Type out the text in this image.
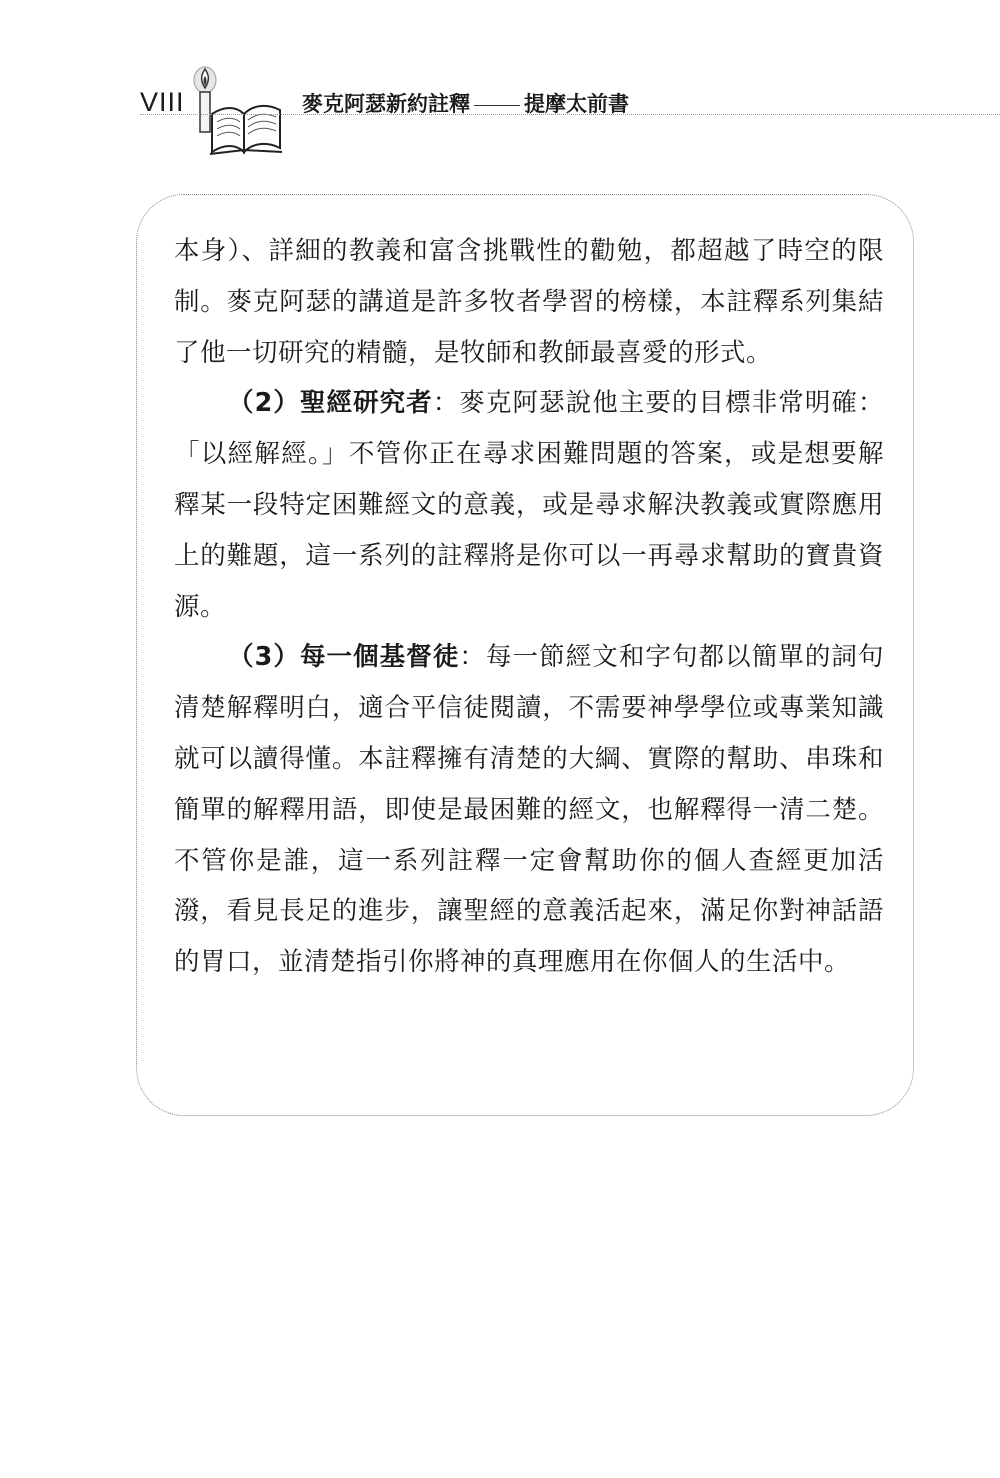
VIII	麥克阿瑟新約註釋	提摩太前書

本身）、詳細的教義和富含挑戰性的勸勉，都超越了時空的限制。麥克阿瑟的講道是許多牧者學習的榜樣，本註釋系列集結了他一切研究的精髓，是牧師和教師最喜愛的形式。

（2）聖經研究者：麥克阿瑟說他主要的目標非常明確：「以經解經。」不管你正在尋求困難問題的答案，或是想要解釋某一段特定困難經文的意義，或是尋求解決教義或實際應用上的難題，這一系列的註釋將是你可以一再尋求幫助的寶貴資源。

（3）每一個基督徒：每一節經文和字句都以簡單的詞句清楚解釋明白，適合平信徒閱讀，不需要神學學位或專業知識就可以讀得懂。本註釋擁有清楚的大綱、實際的幫助、串珠和簡單的解釋用語，即使是最困難的經文，也解釋得一清二楚。不管你是誰，這一系列註釋一定會幫助你的個人查經更加活潑，看見長足的進步，讓聖經的意義活起來，滿足你對神話語的胃口，並清楚指引你將神的真理應用在你個人的生活中。
